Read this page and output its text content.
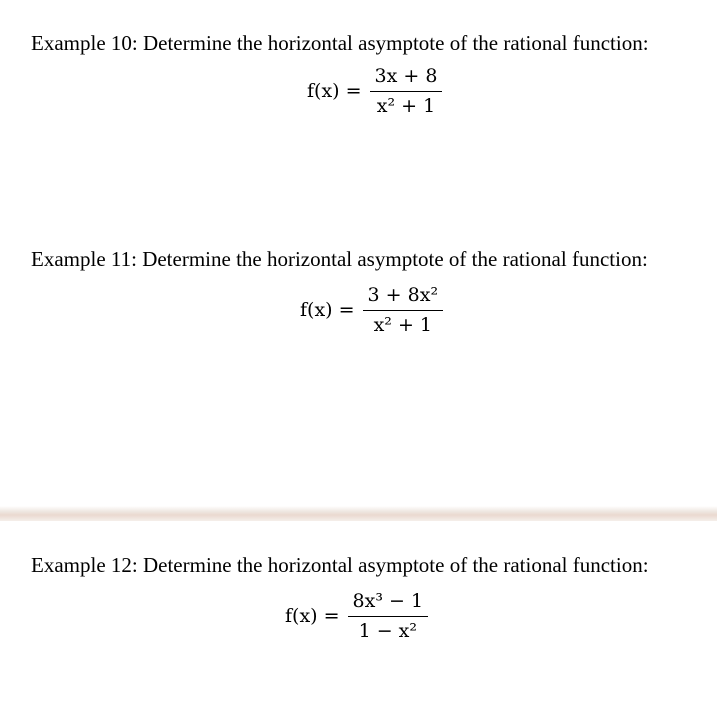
Example 10: Determine the horizontal asymptote of the rational function:
$f(x) = \frac{3x + 8}{\text{x² + 1}}$
Example 11: Determine the horizontal asymptote of the rational function:
$f(x) = \frac{\text{3 + 8x²}}{\text{x² + 1}}$
Example 12: Determine the horizontal asymptote of the rational function:
$f(x) = \frac{\text{8x³ − 1}}{\text{1 − x²}}$
